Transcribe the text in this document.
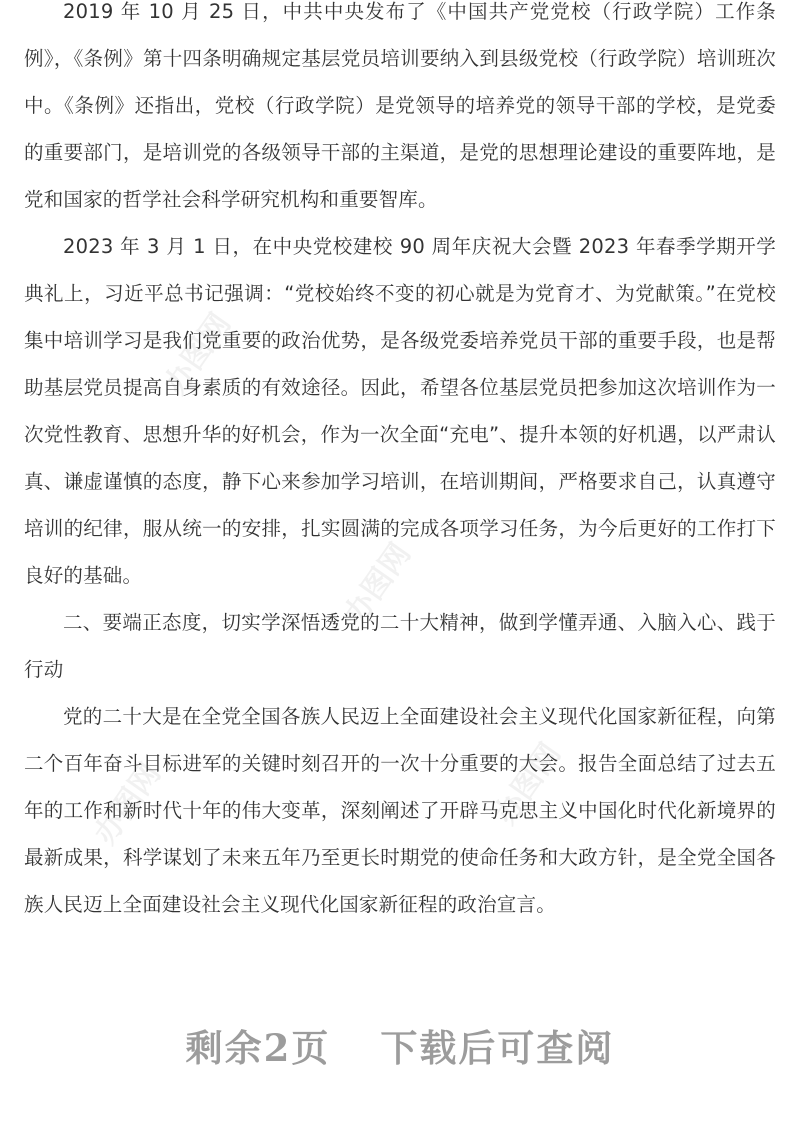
办图网
办图网
办图网	办图网

2019 年 10 月 25 日，中共中央发布了《中国共产党党校（行政学院）工作条例》，《条例》第十四条明确规定基层党员培训要纳入到县级党校（行政学院）培训班次中。《条例》还指出，党校（行政学院）是党领导的培养党的领导干部的学校，是党委的重要部门，是培训党的各级领导干部的主渠道，是党的思想理论建设的重要阵地，是党和国家的哲学社会科学研究机构和重要智库。

2023 年 3 月 1 日，在中央党校建校 90 周年庆祝大会暨 2023 年春季学期开学典礼上，习近平总书记强调：“党校始终不变的初心就是为党育才、为党献策。”在党校集中培训学习是我们党重要的政治优势，是各级党委培养党员干部的重要手段，也是帮助基层党员提高自身素质的有效途径。因此，希望各位基层党员把参加这次培训作为一次党性教育、思想升华的好机会，作为一次全面“充电”、提升本领的好机遇，以严肃认真、谦虚谨慎的态度，静下心来参加学习培训，在培训期间，严格要求自己，认真遵守培训的纪律，服从统一的安排，扎实圆满的完成各项学习任务，为今后更好的工作打下良好的基础。

二、要端正态度，切实学深悟透党的二十大精神，做到学懂弄通、入脑入心、践于行动

党的二十大是在全党全国各族人民迈上全面建设社会主义现代化国家新征程，向第二个百年奋斗目标进军的关键时刻召开的一次十分重要的大会。报告全面总结了过去五年的工作和新时代十年的伟大变革，深刻阐述了开辟马克思主义中国化时代化新境界的最新成果，科学谋划了未来五年乃至更长时期党的使命任务和大政方针，是全党全国各族人民迈上全面建设社会主义现代化国家新征程的政治宣言。

剩余2页 下载后可查阅
